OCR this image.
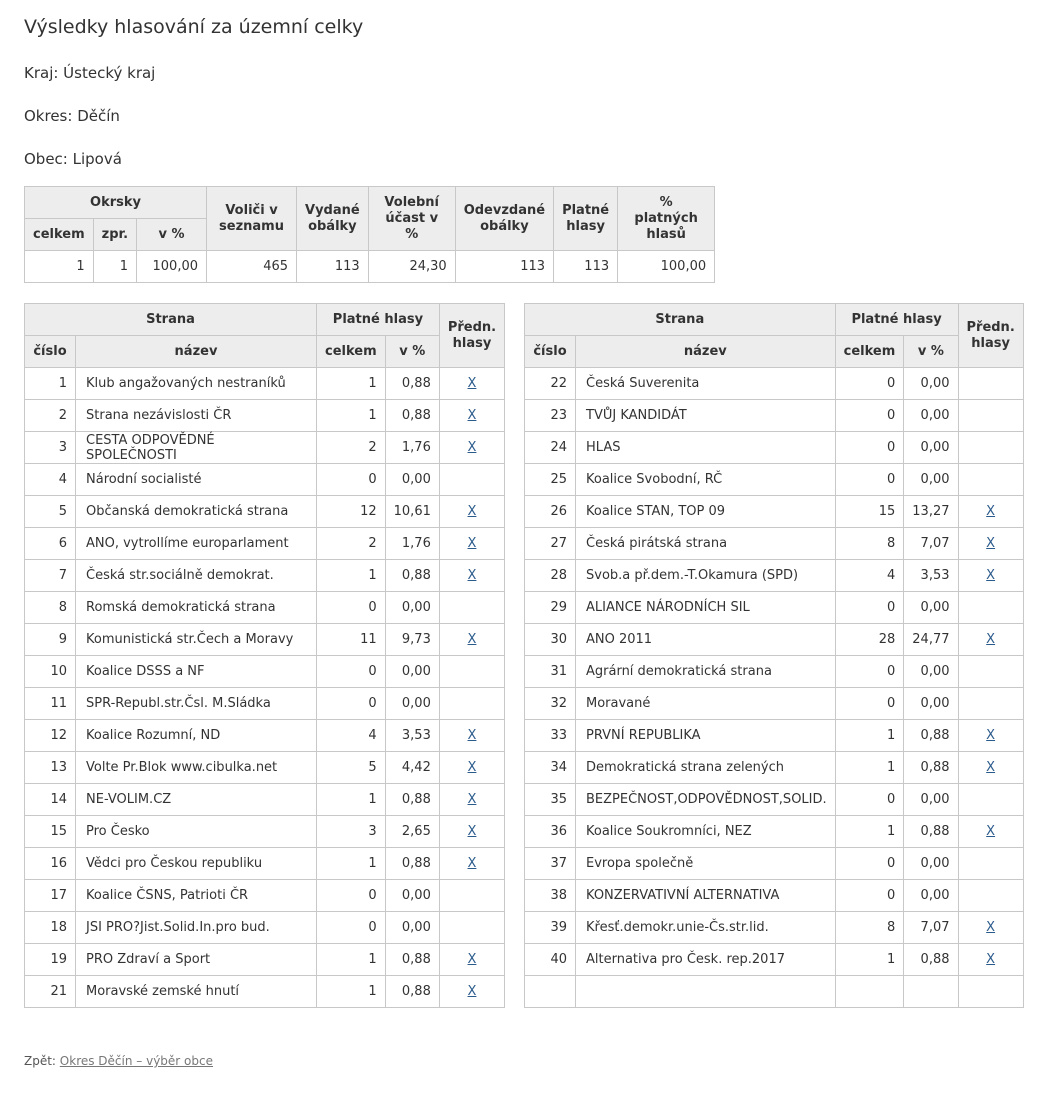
Výsledky hlasování za územní celky

Kraj: Ústecký kraj

Okres: Děčín

Obec: Lipová

Okrsky			Voliči v seznamu	Vydané obálky	Volební účast v %	Odevzdané obálky	Platné hlasy	% platných hlasů
celkem	zpr.	v %						
1	1	100,00	465	113	24,30	113	113	100,00
Strana		Platné hlasy		Předn. hlasy
číslo	název	celkem	v %	
1	Klub angažovaných nestraníků	1	0,88	X
2	Strana nezávislosti ČR	1	0,88	X
3	CESTA ODPOVĚDNÉ SPOLEČNOSTI	2	1,76	X
4	Národní socialisté	0	0,00	
5	Občanská demokratická strana	12	10,61	X
6	ANO, vytrollíme europarlament	2	1,76	X
7	Česká str.sociálně demokrat.	1	0,88	X
8	Romská demokratická strana	0	0,00	
9	Komunistická str.Čech a Moravy	11	9,73	X
10	Koalice DSSS a NF	0	0,00	
11	SPR-Republ.str.Čsl. M.Sládka	0	0,00	
12	Koalice Rozumní, ND	4	3,53	X
13	Volte Pr.Blok www.cibulka.net	5	4,42	X
14	NE-VOLIM.CZ	1	0,88	X
15	Pro Česko	3	2,65	X
16	Vědci pro Českou republiku	1	0,88	X
17	Koalice ČSNS, Patrioti ČR	0	0,00	
18	JSI PRO?Jist.Solid.In.pro bud.	0	0,00	
19	PRO Zdraví a Sport	1	0,88	X
21	Moravské zemské hnutí	1	0,88	X
Strana		Platné hlasy		Předn. hlasy
číslo	název	celkem	v %	
22	Česká Suverenita	0	0,00	
23	TVŮJ KANDIDÁT	0	0,00	
24	HLAS	0	0,00	
25	Koalice Svobodní, RČ	0	0,00	
26	Koalice STAN, TOP 09	15	13,27	X
27	Česká pirátská strana	8	7,07	X
28	Svob.a př.dem.-T.Okamura (SPD)	4	3,53	X
29	ALIANCE NÁRODNÍCH SIL	0	0,00	
30	ANO 2011	28	24,77	X
31	Agrární demokratická strana	0	0,00	
32	Moravané	0	0,00	
33	PRVNÍ REPUBLIKA	1	0,88	X
34	Demokratická strana zelených	1	0,88	X
35	BEZPEČNOST,ODPOVĚDNOST,SOLID.	0	0,00	
36	Koalice Soukromníci, NEZ	1	0,88	X
37	Evropa společně	0	0,00	
38	KONZERVATIVNÍ ALTERNATIVA	0	0,00	
39	Křesť.demokr.unie-Čs.str.lid.	8	7,07	X
40	Alternativa pro Česk. rep.2017	1	0,88	X

Zpět: Okres Děčín – výběr obce
